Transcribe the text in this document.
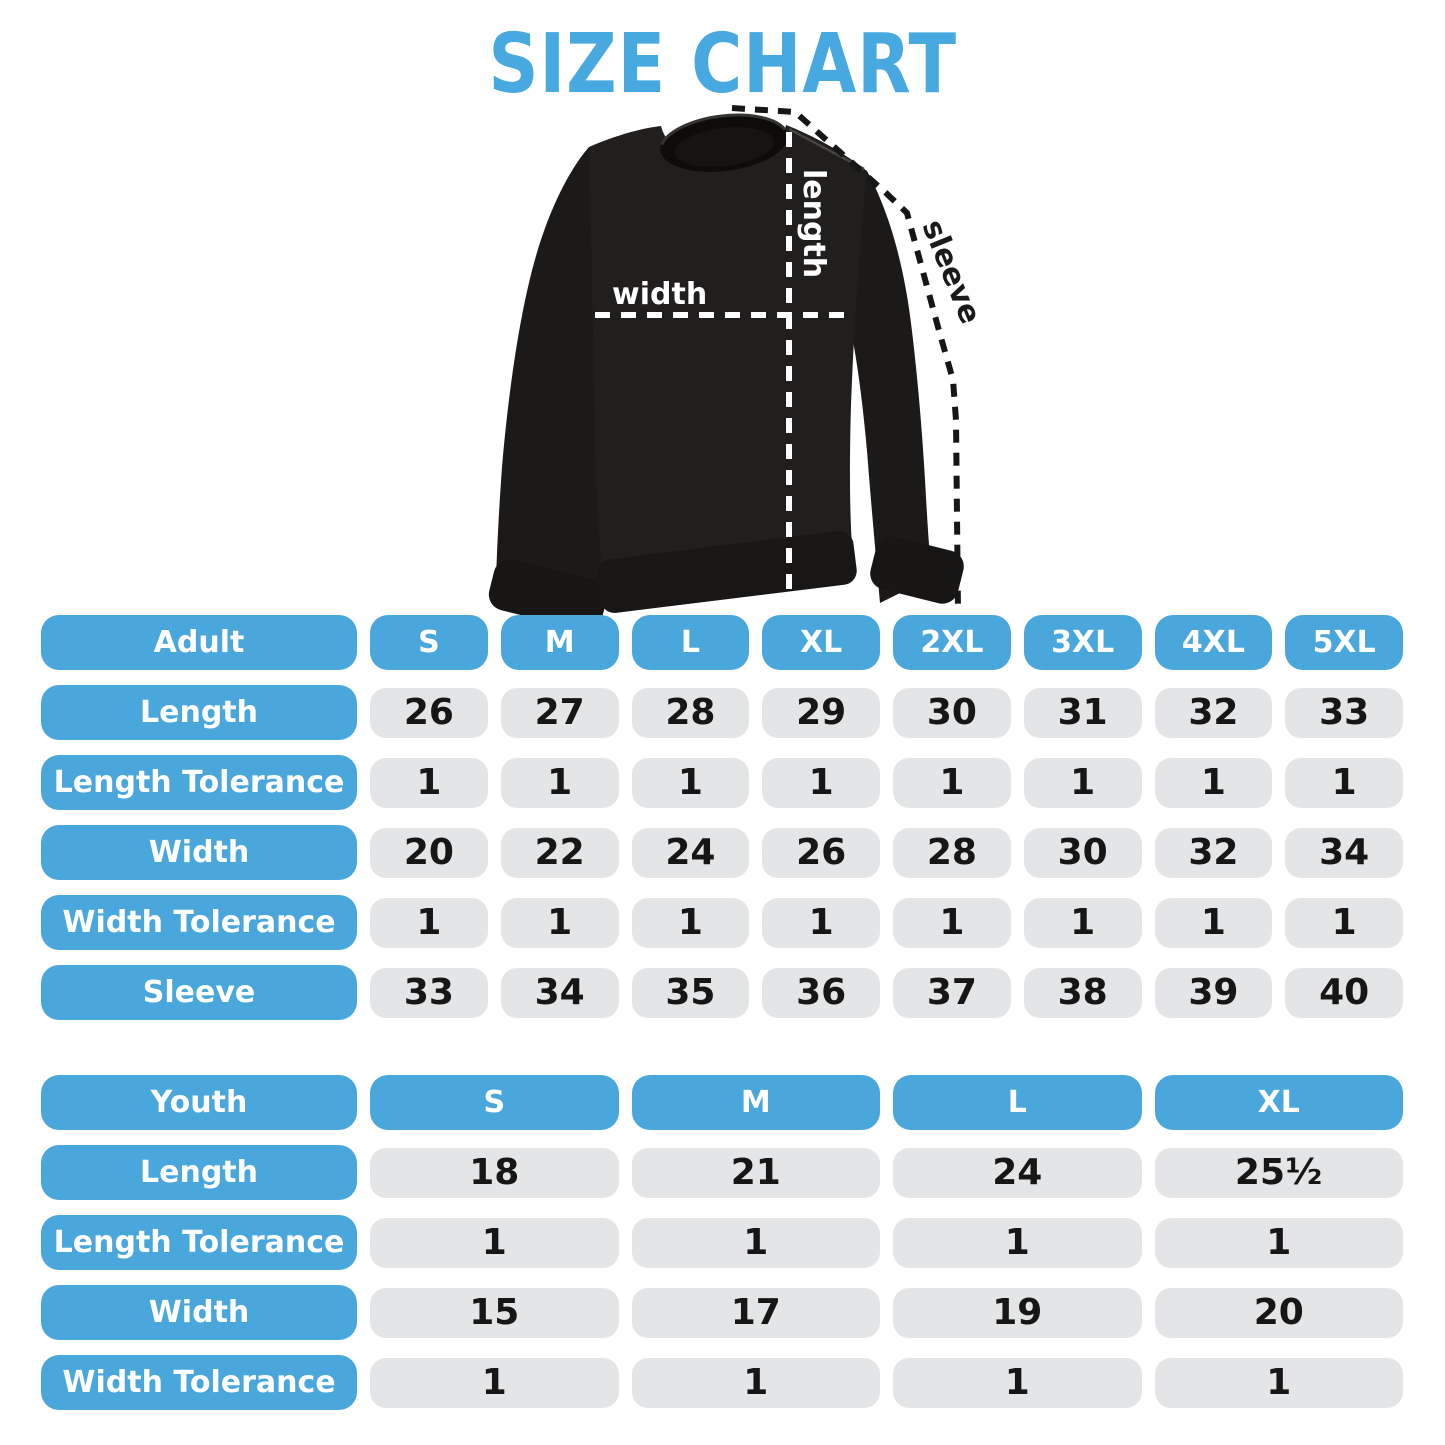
SIZE CHART
width
length	sleeve
Adult	S	M	L	XL	2XL	3XL	4XL	5XL
Length	26	27	28	29	30	31	32	33
Length Tolerance	1	1	1	1	1	1	1	1
Width	20	22	24	26	28	30	32	34
Width Tolerance	1	1	1	1	1	1	1	1
Sleeve	33	34	35	36	37	38	39	40
Youth	S	M	L	XL
Length	18	21	24	25¹⁄₂
Length Tolerance	1	1	1	1
Width	15	17	19	20
Width Tolerance	1	1	1	1
